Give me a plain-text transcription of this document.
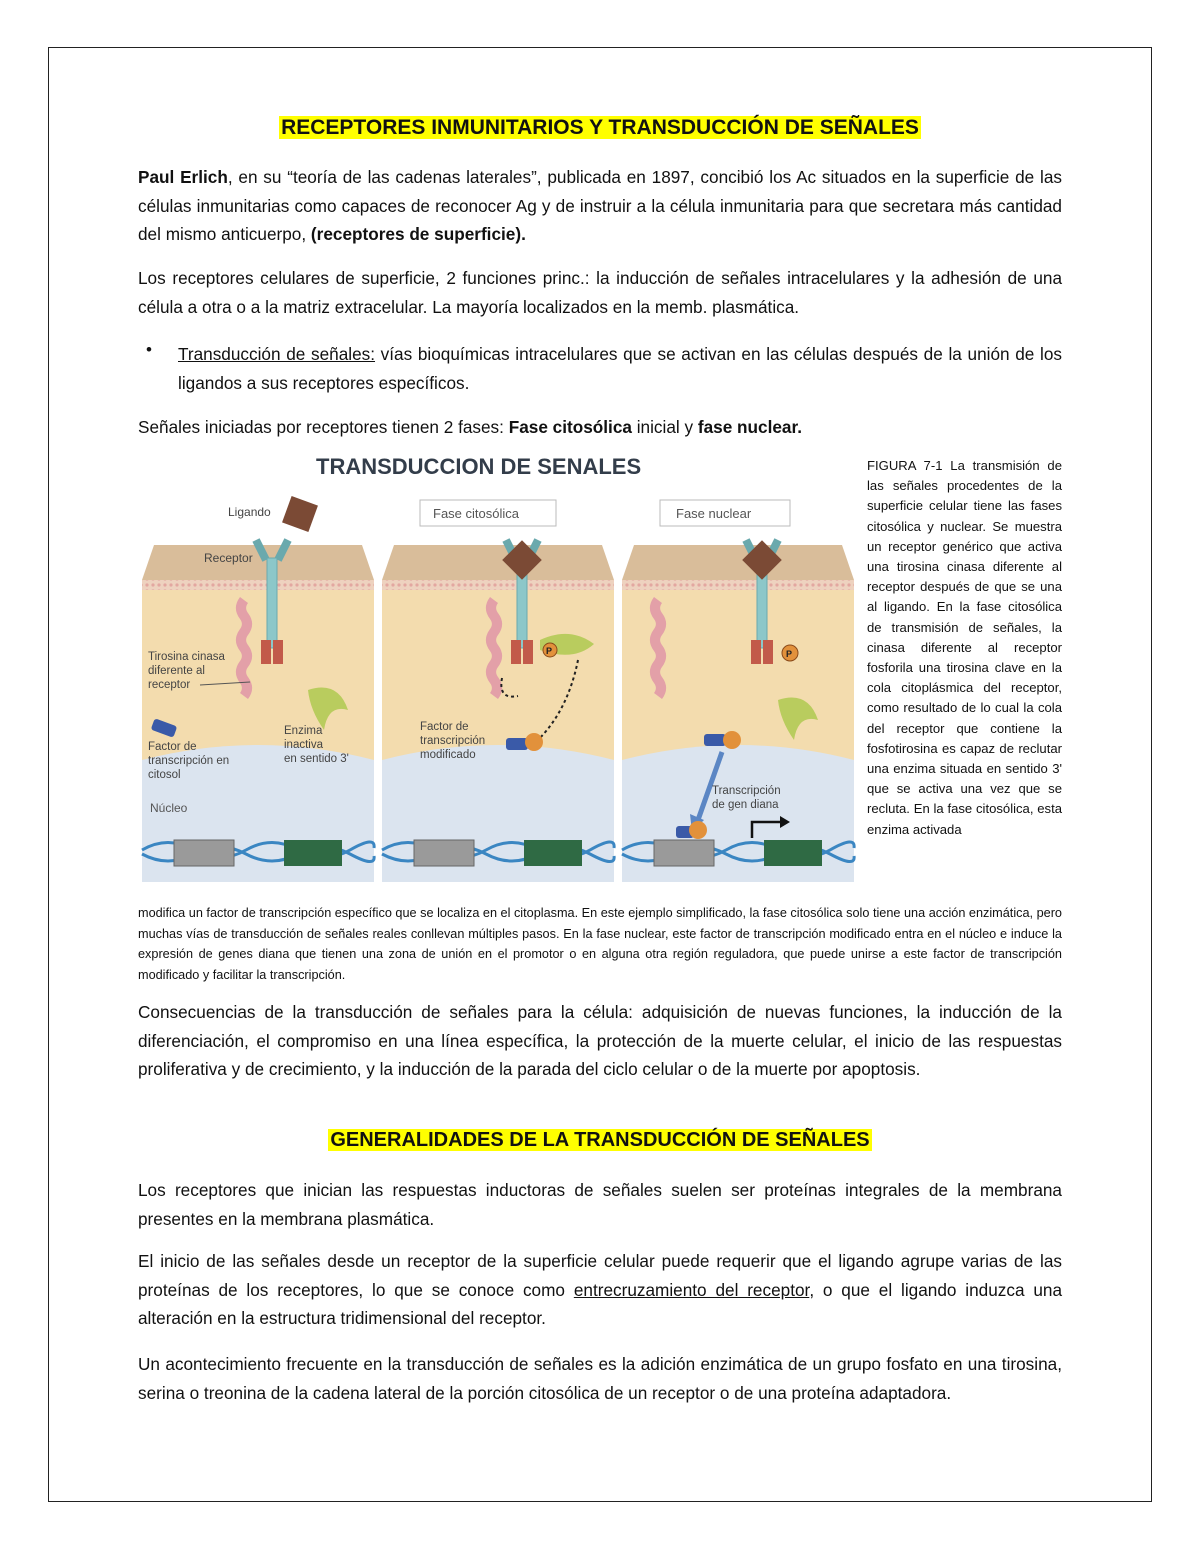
RECEPTORES INMUNITARIOS Y TRANSDUCCIÓN DE SEÑALES

Paul Erlich, en su “teoría de las cadenas laterales”, publicada en 1897, concibió los Ac situados en la superficie de las células inmunitarias como capaces de reconocer Ag y de instruir a la célula inmunitaria para que secretara más cantidad del mismo anticuerpo, (receptores de superficie).

Los receptores celulares de superficie, 2 funciones princ.: la inducción de señales intracelulares y la adhesión de una célula a otra o a la matriz extracelular. La mayoría localizados en la memb. plasmática.

• Transducción de señales: vías bioquímicas intracelulares que se activan en las células después de la unión de los ligandos a sus receptores específicos.

Señales iniciadas por receptores tienen 2 fases: Fase citosólica inicial y fase nuclear.

TRANSDUCCION DE SENALES
Ligando
Receptor
Tirosina cinasa
diferente al
receptor
Enzima
inactiva
en sentido 3'
Factor de
transcripción en
citosol
Núcleo
Fase citosólica
P
Factor de
transcripción
modificado
Fase nuclear
P
Transcripción
de gen diana
FIGURA 7-1 La transmisión de las señales procedentes de la superficie celular tiene las fases citosólica y nuclear. Se muestra un receptor genérico que activa una tirosina cinasa diferente al receptor después de que se una al ligando. En la fase citosólica de transmisión de señales, la cinasa diferente al receptor fosforila una tirosina clave en la cola citoplásmica del receptor, como resultado de lo cual la cola del receptor que contiene la fosfotirosina es capaz de reclutar una enzima situada en sentido 3' que se activa una vez que se recluta. En la fase citosólica, esta enzima activada
modifica un factor de transcripción específico que se localiza en el citoplasma. En este ejemplo simplificado, la fase citosólica solo tiene una acción enzimática, pero muchas vías de transducción de señales reales conllevan múltiples pasos. En la fase nuclear, este factor de transcripción modificado entra en el núcleo e induce la expresión de genes diana que tienen una zona de unión en el promotor o en alguna otra región reguladora, que puede unirse a este factor de transcripción modificado y facilitar la transcripción.

Consecuencias de la transducción de señales para la célula: adquisición de nuevas funciones, la inducción de la diferenciación, el compromiso en una línea específica, la protección de la muerte celular, el inicio de las respuestas proliferativa y de crecimiento, y la inducción de la parada del ciclo celular o de la muerte por apoptosis.

GENERALIDADES DE LA TRANSDUCCIÓN DE SEÑALES

Los receptores que inician las respuestas inductoras de señales suelen ser proteínas integrales de la membrana presentes en la membrana plasmática.

El inicio de las señales desde un receptor de la superficie celular puede requerir que el ligando agrupe varias de las proteínas de los receptores, lo que se conoce como entrecruzamiento del receptor, o que el ligando induzca una alteración en la estructura tridimensional del receptor.

Un acontecimiento frecuente en la transducción de señales es la adición enzimática de un grupo fosfato en una tirosina, serina o treonina de la cadena lateral de la porción citosólica de un receptor o de una proteína adaptadora.
